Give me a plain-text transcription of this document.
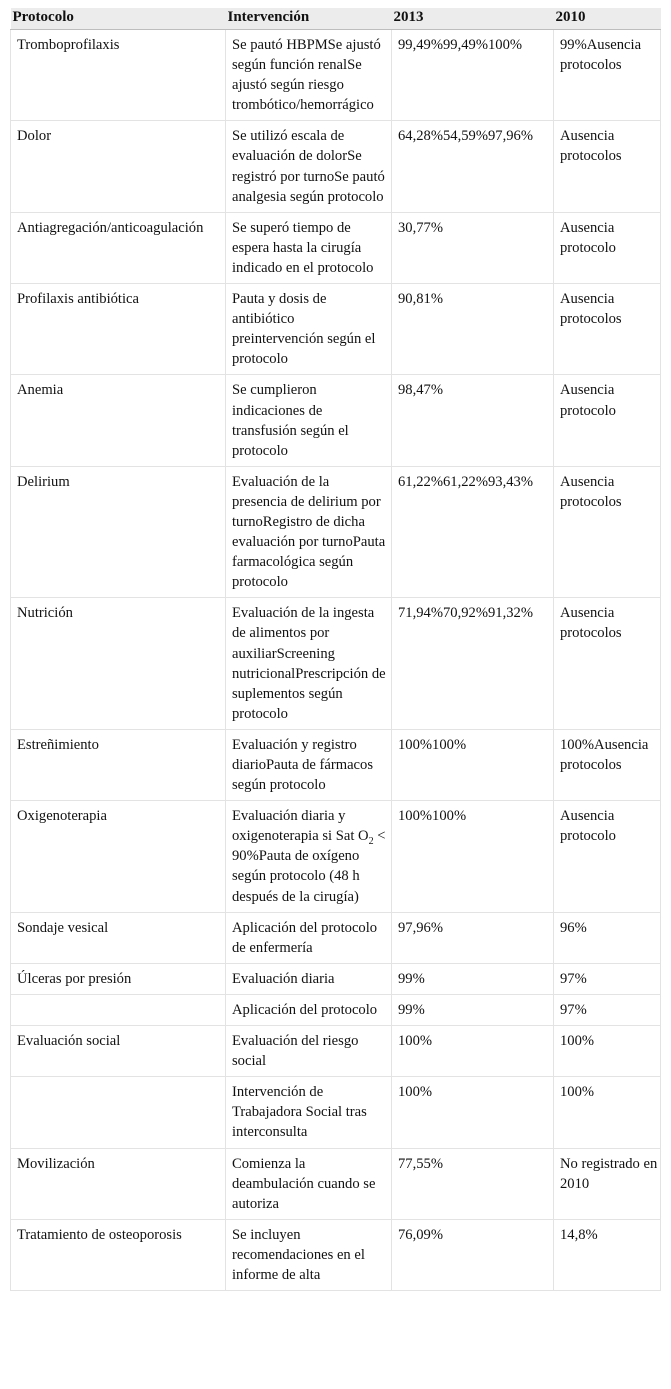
Protocolo	Intervención	2013	2010
Tromboprofilaxis	Se pautó HBPMSe ajustó según función renalSe ajustó según riesgo trombótico/hemorrágico	99,49%99,49%100%	99%Ausencia protocolos
Dolor	Se utilizó escala de evaluación de dolorSe registró por turnoSe pautó analgesia según protocolo	64,28%54,59%97,96%	Ausencia protocolos
Antiagregación/anticoagulación	Se superó tiempo de espera hasta la cirugía indicado en el protocolo	30,77%	Ausencia protocolo
Profilaxis antibiótica	Pauta y dosis de antibiótico preintervención según el protocolo	90,81%	Ausencia protocolos
Anemia	Se cumplieron indicaciones de transfusión según el protocolo	98,47%	Ausencia protocolo
Delirium	Evaluación de la presencia de delirium por turnoRegistro de dicha evaluación por turnoPauta farmacológica según protocolo	61,22%61,22%93,43%	Ausencia protocolos
Nutrición	Evaluación de la ingesta de alimentos por auxiliarScreening nutricionalPrescripción de suplementos según protocolo	71,94%70,92%91,32%	Ausencia protocolos
Estreñimiento	Evaluación y registro diarioPauta de fármacos según protocolo	100%100%	100%Ausencia protocolos
Oxigenoterapia	Evaluación diaria y oxigenoterapia si Sat $O_2$ < 90%Pauta de oxígeno según protocolo (48 h después de la cirugía)	100%100%	Ausencia protocolo
Sondaje vesical	Aplicación del protocolo de enfermería	97,96%	96%
Úlceras por presión	Evaluación diaria	99%	97%
	Aplicación del protocolo	99%	97%
Evaluación social	Evaluación del riesgo social	100%	100%
	Intervención de Trabajadora Social tras interconsulta	100%	100%
Movilización	Comienza la deambulación cuando se autoriza	77,55%	No registrado en 2010
Tratamiento de osteoporosis	Se incluyen recomendaciones en el informe de alta	76,09%	14,8%
